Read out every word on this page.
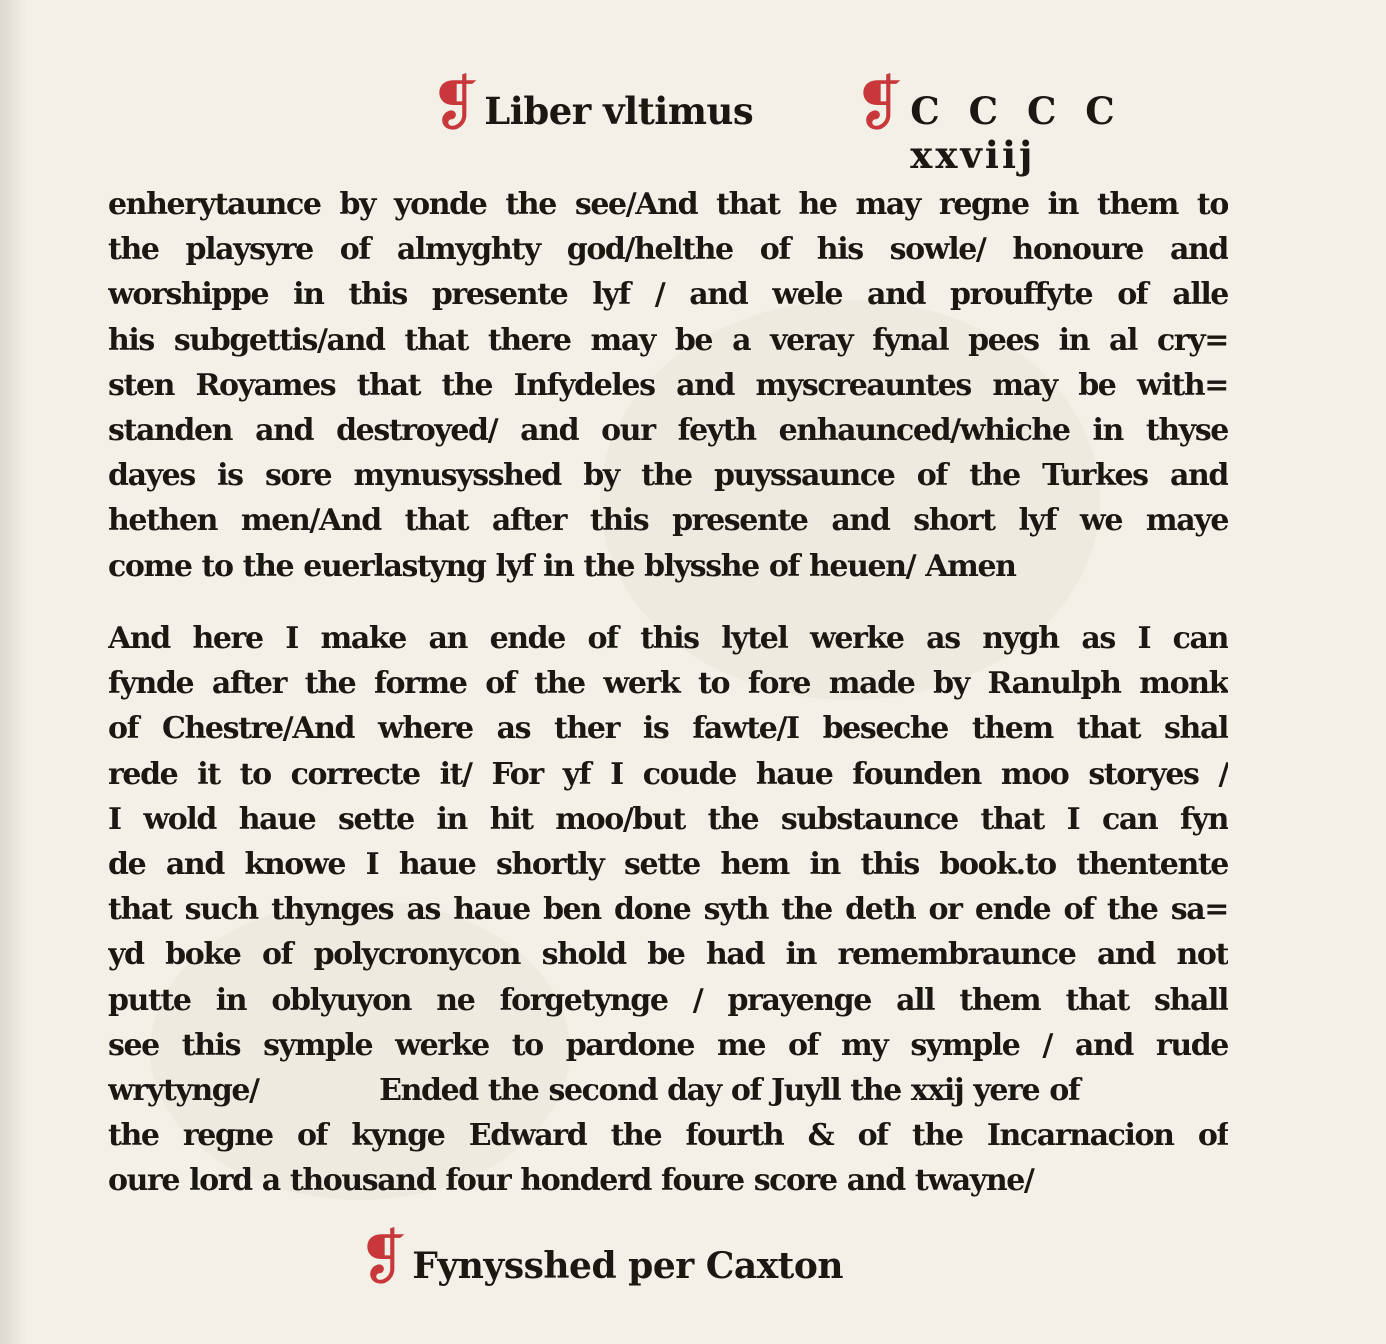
❡ Liber vltimus ❡ C C C C xxviij
enherytaunce by yonde the see/And that he may regne in them to
the playsyre of almyghty god/helthe of his sowle/ honoure and
worshippe in this presente lyf / and wele and prouffyte of alle
his subgettis/and that there may be a veray fynal pees in al cry=
sten Royames that the Infydeles and myscreauntes may be with=
standen and destroyed/ and our feyth enhaunced/whiche in thyse
dayes is sore mynusysshed by the puyssaunce of the Turkes and
hethen men/And that after this presente and short lyf we maye
come to the euerlastyng lyf in the blysshe of heuen/ Amen
And here I make an ende of this lytel werke as nygh as I can
fynde after the forme of the werk to fore made by Ranulph monk
of Chestre/And where as ther is fawte/I beseche them that shal
rede it to correcte it/ For yf I coude haue founden moo storyes /
I wold haue sette in hit moo/but the substaunce that I can fyn
de and knowe I haue shortly sette hem in this book.to thentente
that such thynges as haue ben done syth the deth or ende of the sa=
yd boke of polycronycon shold be had in remembraunce and not
putte in oblyuyon ne forgetynge / prayenge all them that shall
see this symple werke to pardone me of my symple / and rude
wrytynge/            Ended the second day of Juyll the xxij yere of
the regne of kynge Edward the fourth & of the Incarnacion of
oure lord a thousand four honderd foure score and twayne/
❡ Fynysshed per Caxton
